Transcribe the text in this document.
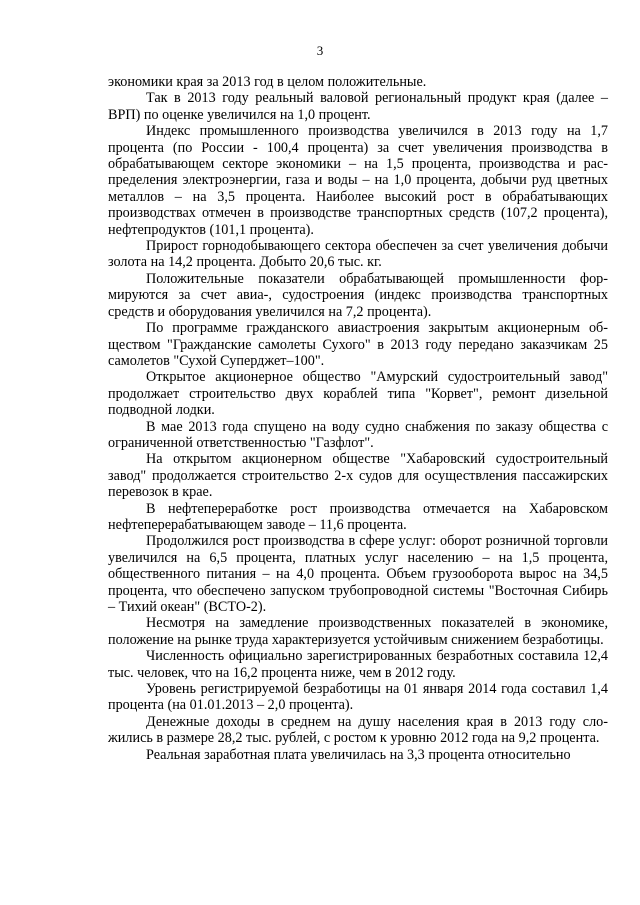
3

экономики края за 2013 год в целом положительные.

Так в 2013 году реальный валовой региональный продукт края (далее – ВРП) по оценке увеличился на 1,0 процент.

Индекс промышленного производства увеличился в 2013 году на 1,7 процента (по России - 100,4 процента) за счет увеличения производства в обрабатывающем секторе экономики – на 1,5 процента, производства и распределения электроэнергии, газа и воды – на 1,0 процента, добычи руд цветных металлов – на 3,5 процента. Наиболее высокий рост в обрабатывающих производствах отмечен в производстве транспортных средств (107,2 процента), нефтепродуктов (101,1 процента).

Прирост горнодобывающего сектора обеспечен за счет увеличения добычи золота на 14,2 процента. Добыто 20,6 тыс. кг.

Положительные показатели обрабатывающей промышленности формируются за счет авиа-, судостроения (индекс производства транспортных средств и оборудования увеличился на 7,2 процента).

По программе гражданского авиастроения закрытым акционерным обществом "Гражданские самолеты Сухого" в 2013 году передано заказчикам 25 самолетов "Сухой Суперджет–100".

Открытое акционерное общество "Амурский судостроительный завод" продолжает строительство двух кораблей типа "Корвет", ремонт дизельной подводной лодки.

В мае 2013 года спущено на воду судно снабжения по заказу общества с ограниченной ответственностью "Газфлот".

На открытом акционерном обществе "Хабаровский судостроительный завод" продолжается строительство 2-х судов для осуществления пассажирских перевозок в крае.

В нефтепереработке рост производства отмечается на Хабаровском нефтеперерабатывающем заводе – 11,6 процента.

Продолжился рост производства в сфере услуг: оборот розничной торговли увеличился на 6,5 процента, платных услуг населению – на 1,5 процента, общественного питания – на 4,0 процента. Объем грузооборота вырос на 34,5 процента, что обеспечено запуском трубопроводной системы "Восточная Сибирь – Тихий океан" (ВСТО-2).

Несмотря на замедление производственных показателей в экономике, положение на рынке труда характеризуется устойчивым снижением безработицы.

Численность официально зарегистрированных безработных составила 12,4 тыс. человек, что на 16,2 процента ниже, чем в 2012 году.

Уровень регистрируемой безработицы на 01 января 2014 года составил 1,4 процента (на 01.01.2013 – 2,0 процента).

Денежные доходы в среднем на душу населения края в 2013 году сложились в размере 28,2 тыс. рублей, с ростом к уровню 2012 года на 9,2 процента.

Реальная заработная плата увеличилась на 3,3 процента относительно
